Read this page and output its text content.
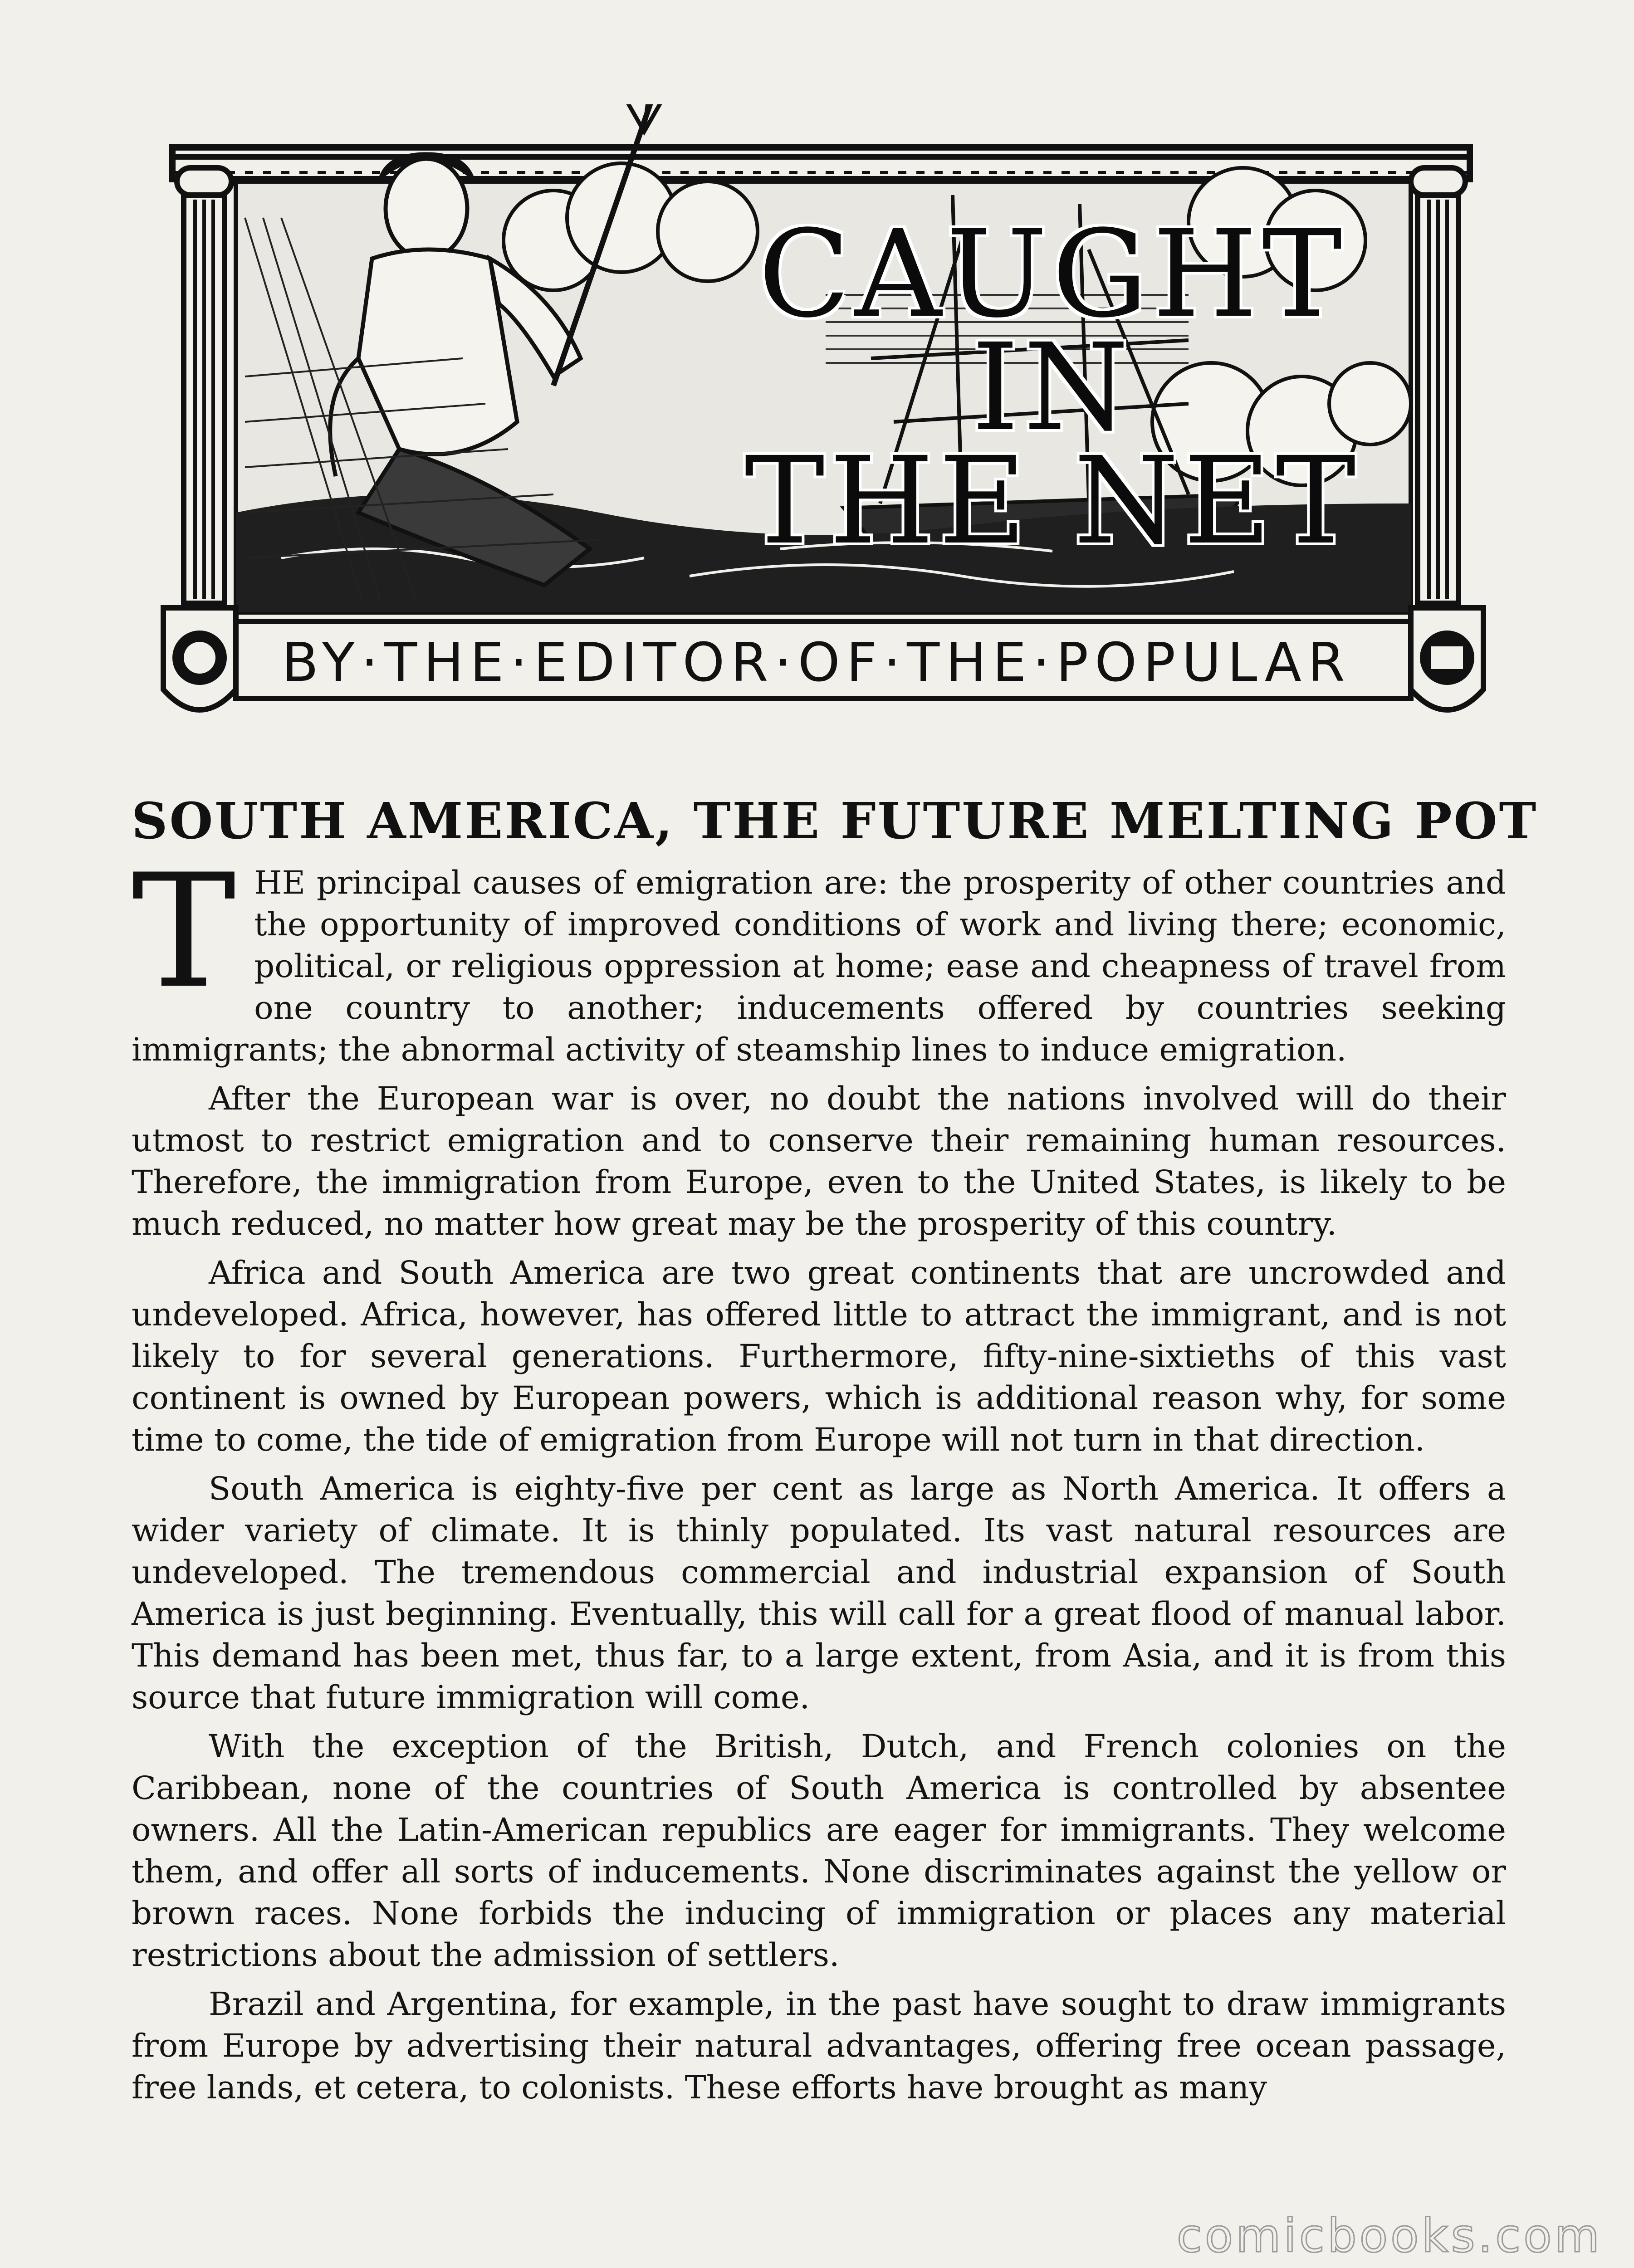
CAUGHT IN
THE NET
BY·THE·EDITOR·OF·THE·POPULAR
SOUTH AMERICA, THE FUTURE MELTING POT

THE principal causes of emigration are: the prosperity of other countries and the opportunity of improved conditions of work and living there; economic, political, or religious oppression at home; ease and cheapness of travel from one country to another; inducements offered by countries seeking immigrants; the abnormal activity of steamship lines to induce emigration.

After the European war is over, no doubt the nations involved will do their utmost to restrict emigration and to conserve their remaining human resources. Therefore, the immigration from Europe, even to the United States, is likely to be much reduced, no matter how great may be the prosperity of this country.

Africa and South America are two great continents that are uncrowded and undeveloped. Africa, however, has offered little to attract the immigrant, and is not likely to for several generations. Furthermore, fifty-nine-sixtieths of this vast continent is owned by European powers, which is additional reason why, for some time to come, the tide of emigration from Europe will not turn in that direction.

South America is eighty-five per cent as large as North America. It offers a wider variety of climate. It is thinly populated. Its vast natural resources are undeveloped. The tremendous commercial and industrial expansion of South America is just beginning. Eventually, this will call for a great flood of manual labor. This demand has been met, thus far, to a large extent, from Asia, and it is from this source that future immigration will come.

With the exception of the British, Dutch, and French colonies on the Caribbean, none of the countries of South America is controlled by absentee owners. All the Latin-American republics are eager for immigrants. They welcome them, and offer all sorts of inducements. None discriminates against the yellow or brown races. None forbids the inducing of immigration or places any material restrictions about the admission of settlers.

Brazil and Argentina, for example, in the past have sought to draw immigrants from Europe by advertising their natural advantages, offering free ocean passage, free lands, et cetera, to colonists. These efforts have brought as many

comicbooks.com
